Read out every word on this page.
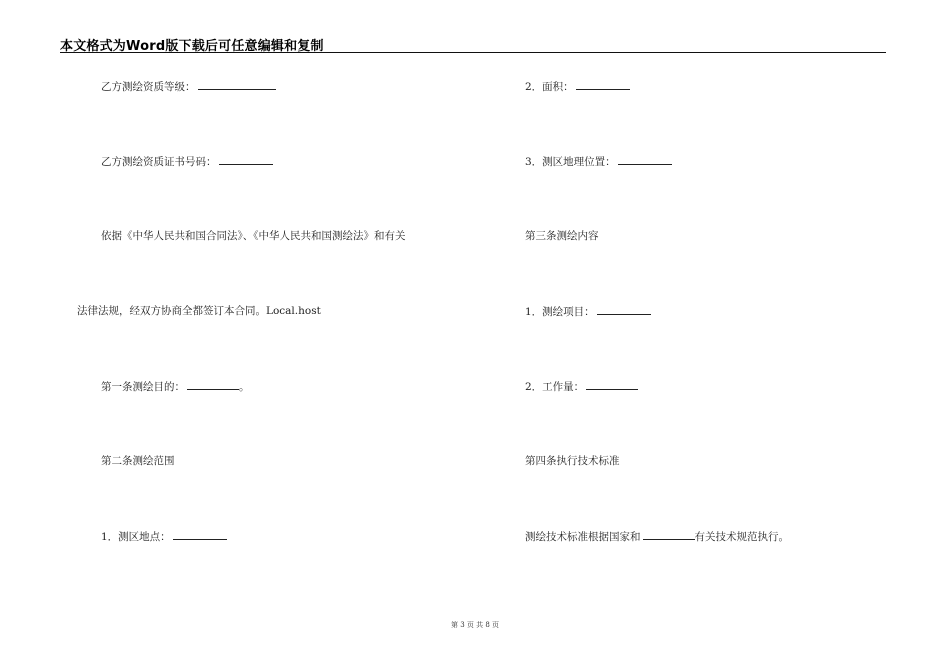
本文格式为Word版下载后可任意编辑和复制
乙方测绘资质等级：
乙方测绘资质证书号码：
依据《中华人民共和国合同法》、《中华人民共和国测绘法》和有关
法律法规，经双方协商全都签订本合同。Local.host
第一条测绘目的：	。
第二条测绘范围
1．测区地点：
2．面积：
3．测区地理位置：
第三条测绘内容
1．测绘项目：
2．工作量：
第四条执行技术标准
测绘技术标准根据国家和	有关技术规范执行。
第 3 页 共 8 页
